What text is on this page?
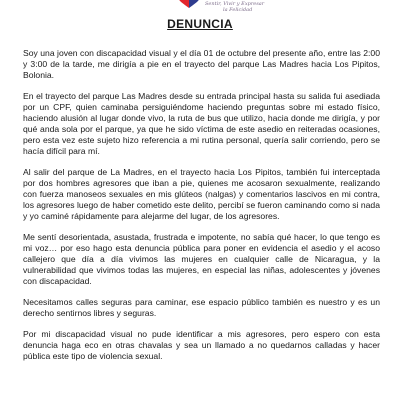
Sentir, Vivir y Expresar
la Felicidad
DENUNCIA

Soy una joven con discapacidad visual y el día 01 de octubre del presente año, entre las 2:00 y 3:00 de la tarde, me dirigía a pie en el trayecto del parque Las Madres hacia Los Pipitos, Bolonia.

En el trayecto del parque Las Madres desde su entrada principal hasta su salida fui asediada por un CPF, quien caminaba persiguiéndome haciendo preguntas sobre mi estado físico, haciendo alusión al lugar donde vivo, la ruta de bus que utilizo, hacia donde me dirigía, y por qué anda sola por el parque, ya que he sido víctima de este asedio en reiteradas ocasiones, pero esta vez este sujeto hizo referencia a mi rutina personal, quería salir corriendo, pero se hacía difícil para mí.

Al salir del parque de La Madres, en el trayecto hacia Los Pipitos, también fui interceptada por dos hombres agresores que iban a pie, quienes me acosaron sexualmente, realizando con fuerza manoseos sexuales en mis glúteos (nalgas) y comentarios lascivos en mi contra, los agresores luego de haber cometido este delito, percibí se fueron caminando como si nada y yo caminé rápidamente para alejarme del lugar, de los agresores.

Me sentí desorientada, asustada, frustrada e impotente, no sabía qué hacer, lo que tengo es mi voz… por eso hago esta denuncia pública para poner en evidencia el asedio y el acoso callejero que día a día vivimos las mujeres en cualquier calle de Nicaragua, y la vulnerabilidad que vivimos todas las mujeres, en especial las niñas, adolescentes y jóvenes con discapacidad.

Necesitamos calles seguras para caminar, ese espacio público también es nuestro y es un derecho sentirnos libres y seguras.

Por mi discapacidad visual no pude identificar a mis agresores, pero espero con esta denuncia haga eco en otras chavalas y sea un llamado a no quedarnos calladas y hacer pública este tipo de violencia sexual.
